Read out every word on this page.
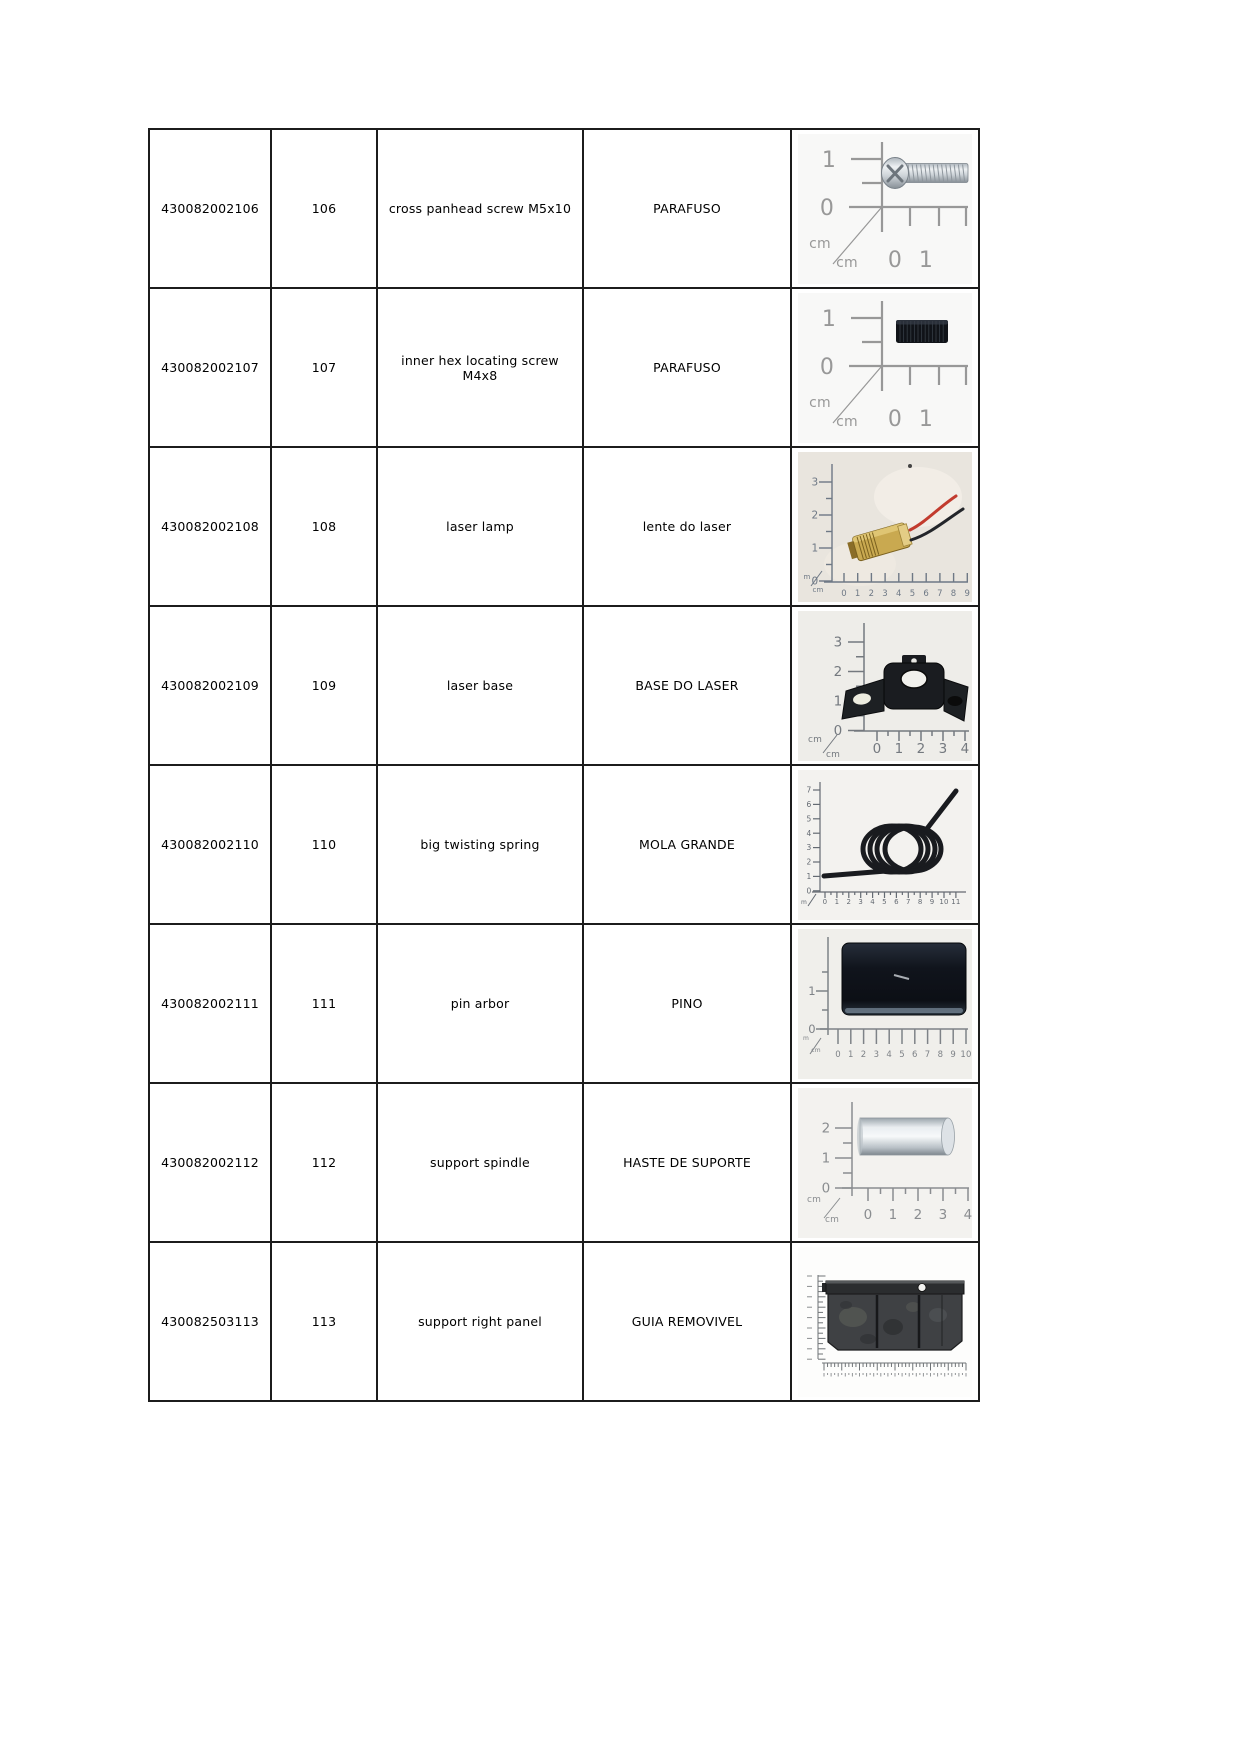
430082002106	106	cross panhead screw M5x10	PARAFUSO	
1
0
0 1
cm
cm

430082002107	107	inner hex locating screw M4x8	PARAFUSO	
1
0
0 1
cm
cm

430082002108	108	laser lamp	lente do laser	
3
2
1
0
0 1 2 3 4 5 6 7 8 9
m
cm

430082002109	109	laser base	BASE DO LASER	
3
2
1
0
0 1 2 3 4
cm
cm

430082002110	110	big twisting spring	MOLA GRANDE	
7
6
5
4
3
2
1
0
0 1 2 3 4 5 6 7 8 9 10 11
m

430082002111	111	pin arbor	PINO	
1
0
0 1 2 3 4 5 6 7 8 9 10
m
cm

430082002112	112	support spindle	HASTE DE SUPORTE	
2
1
0
0 1 2 3 4
cm
cm

430082503113	113	support right panel	GUIA REMOVIVEL	
